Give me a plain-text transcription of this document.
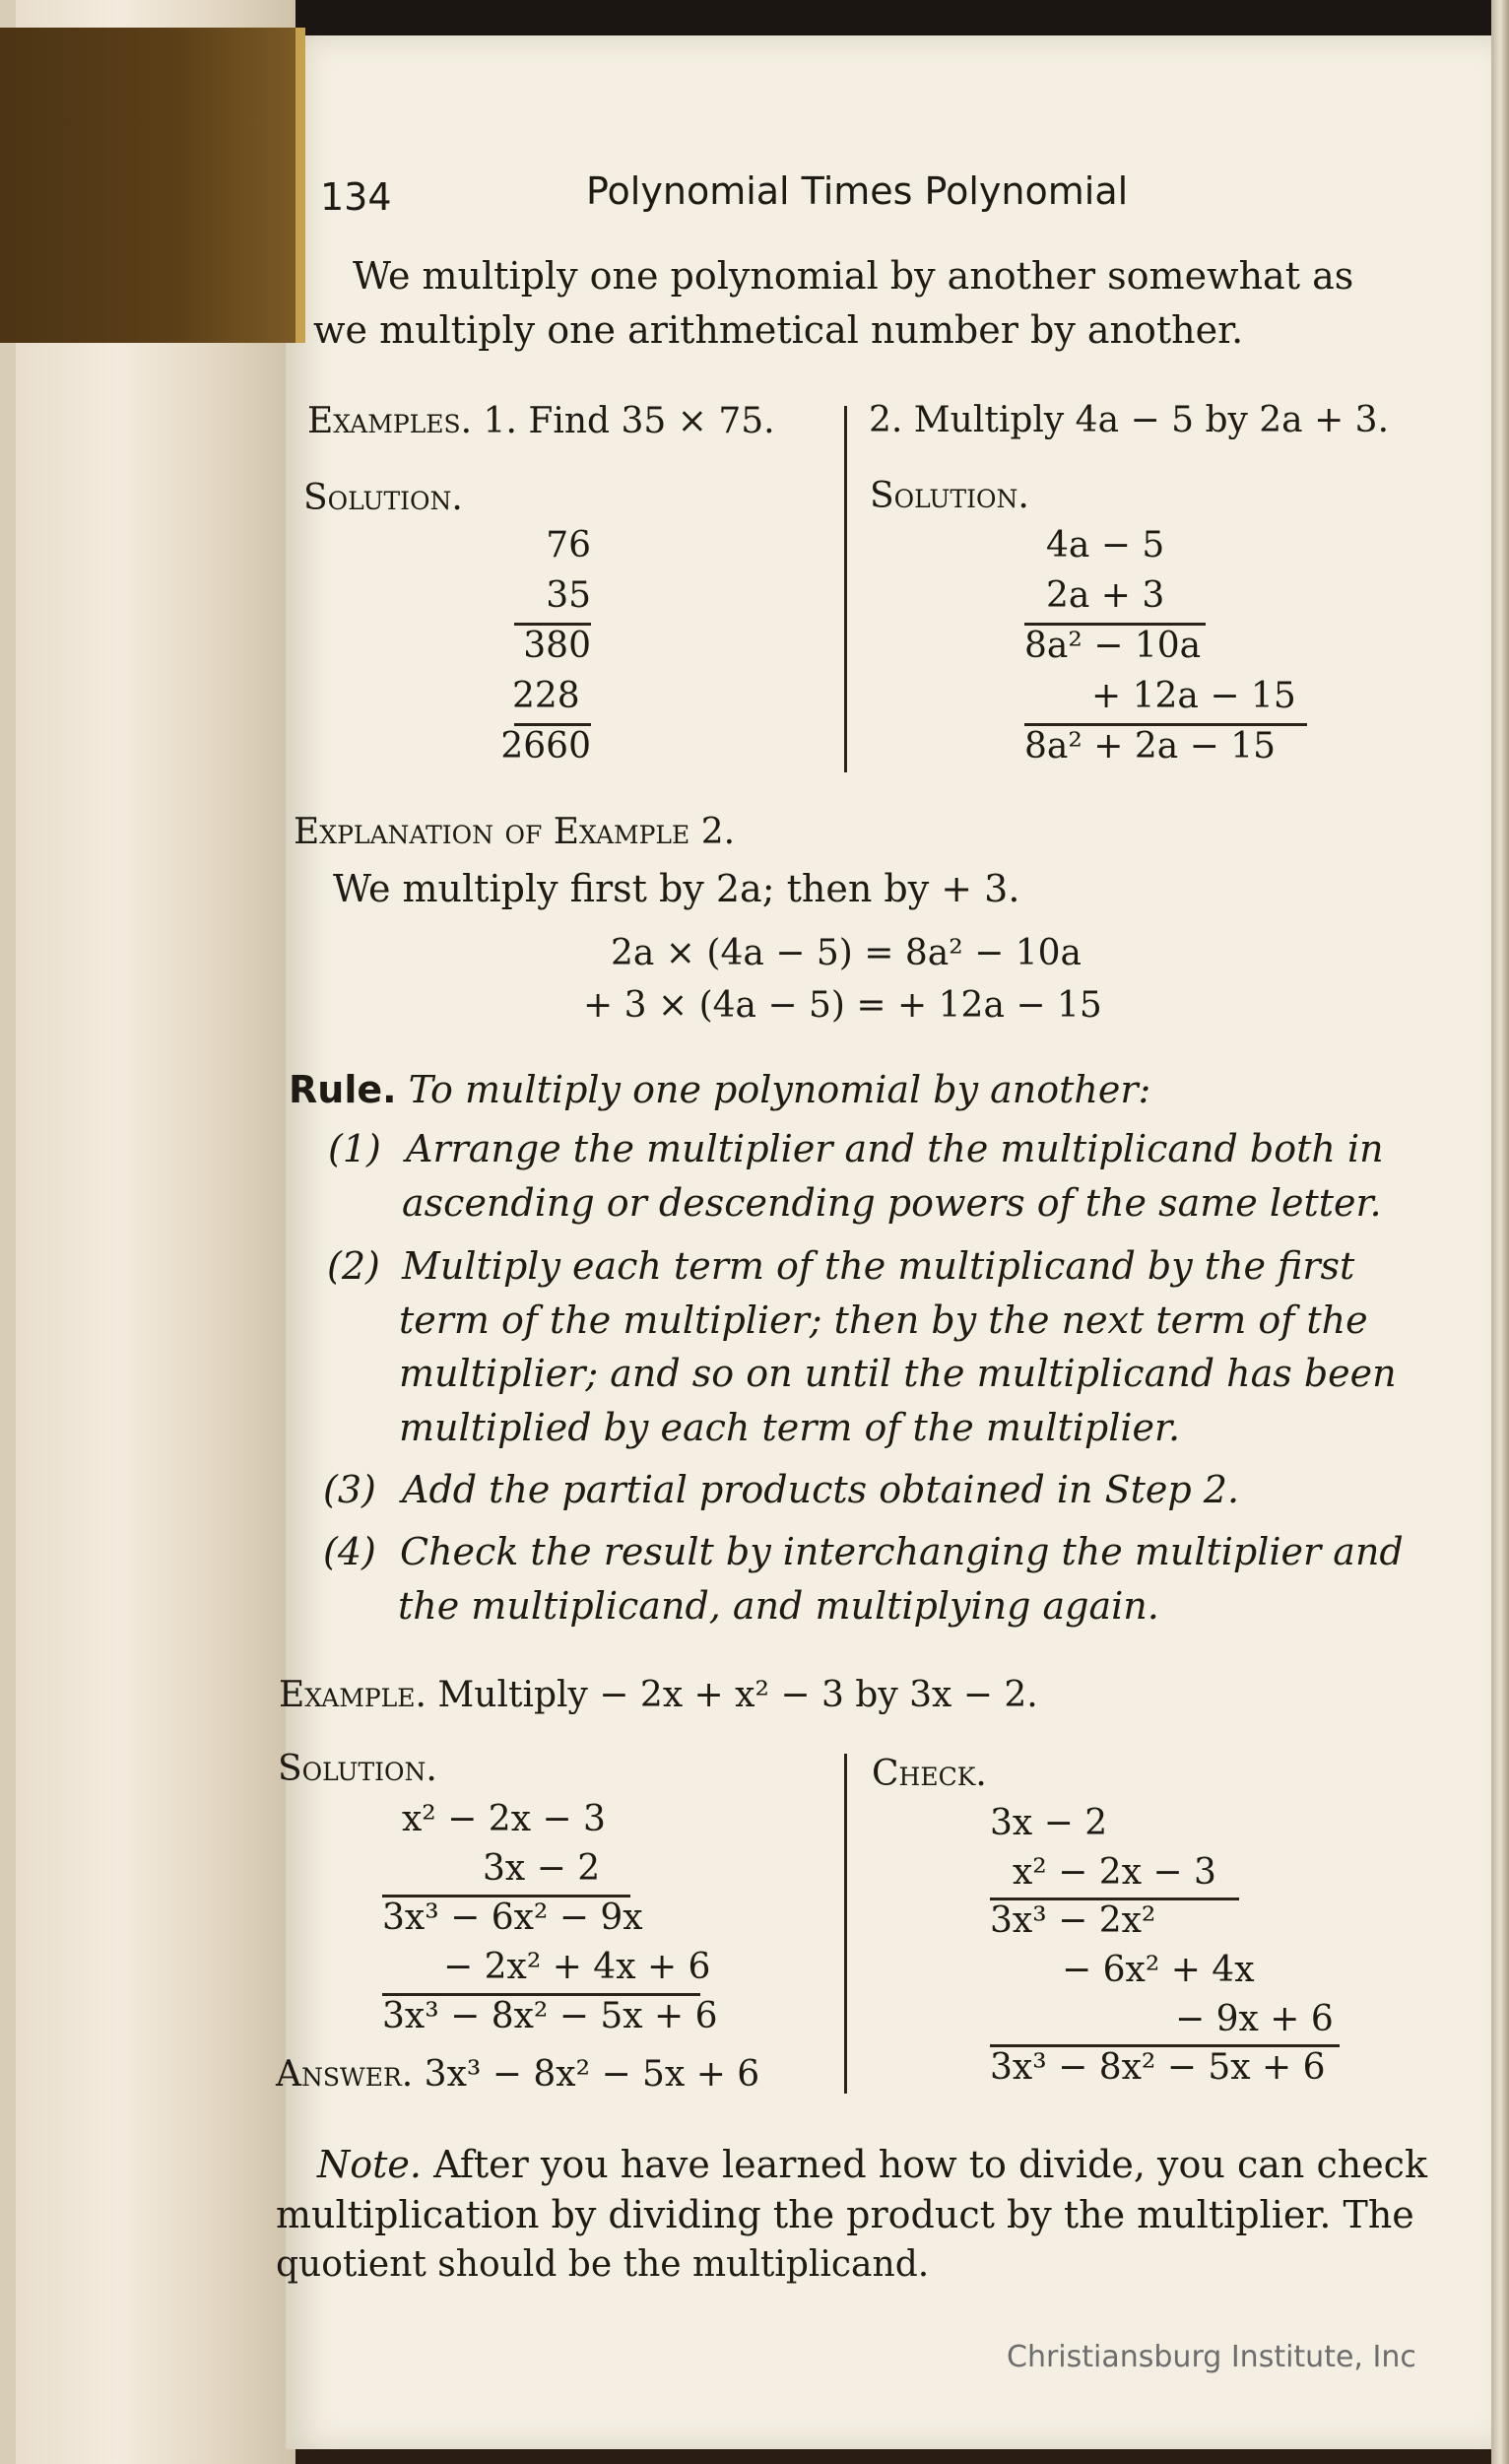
134	Polynomial Times Polynomial
We multiply one polynomial by another somewhat as
we multiply one arithmetical number by another.
Examples. 1. Find 35 × 75.
Solution.
76
35
380
228
2660
2. Multiply 4a − 5 by 2a + 3.
Solution.
4a − 5
2a + 3
8a² − 10a
+ 12a − 15
8a² + 2a − 15
Explanation of Example 2.
We multiply first by 2a; then by + 3.
2a × (4a − 5) = 8a² − 10a
+ 3 × (4a − 5) = + 12a − 15
Rule. To multiply one polynomial by another:
(1) Arrange the multiplier and the multiplicand both in
ascending or descending powers of the same letter.
(2) Multiply each term of the multiplicand by the first
term of the multiplier; then by the next term of the
multiplier; and so on until the multiplicand has been
multiplied by each term of the multiplier.
(3) Add the partial products obtained in Step 2.
(4) Check the result by interchanging the multiplier and
the multiplicand, and multiplying again.
Example. Multiply − 2x + x² − 3 by 3x − 2.
Solution.
x² − 2x − 3
3x − 2
3x³ − 6x² − 9x
− 2x² + 4x + 6
3x³ − 8x² − 5x + 6
Answer. 3x³ − 8x² − 5x + 6
Check.
3x − 2
x² − 2x − 3
3x³ − 2x²
− 6x² + 4x
− 9x + 6
3x³ − 8x² − 5x + 6
Note. After you have learned how to divide, you can check
multiplication by dividing the product by the multiplier. The
quotient should be the multiplicand.
Christiansburg Institute, Inc
